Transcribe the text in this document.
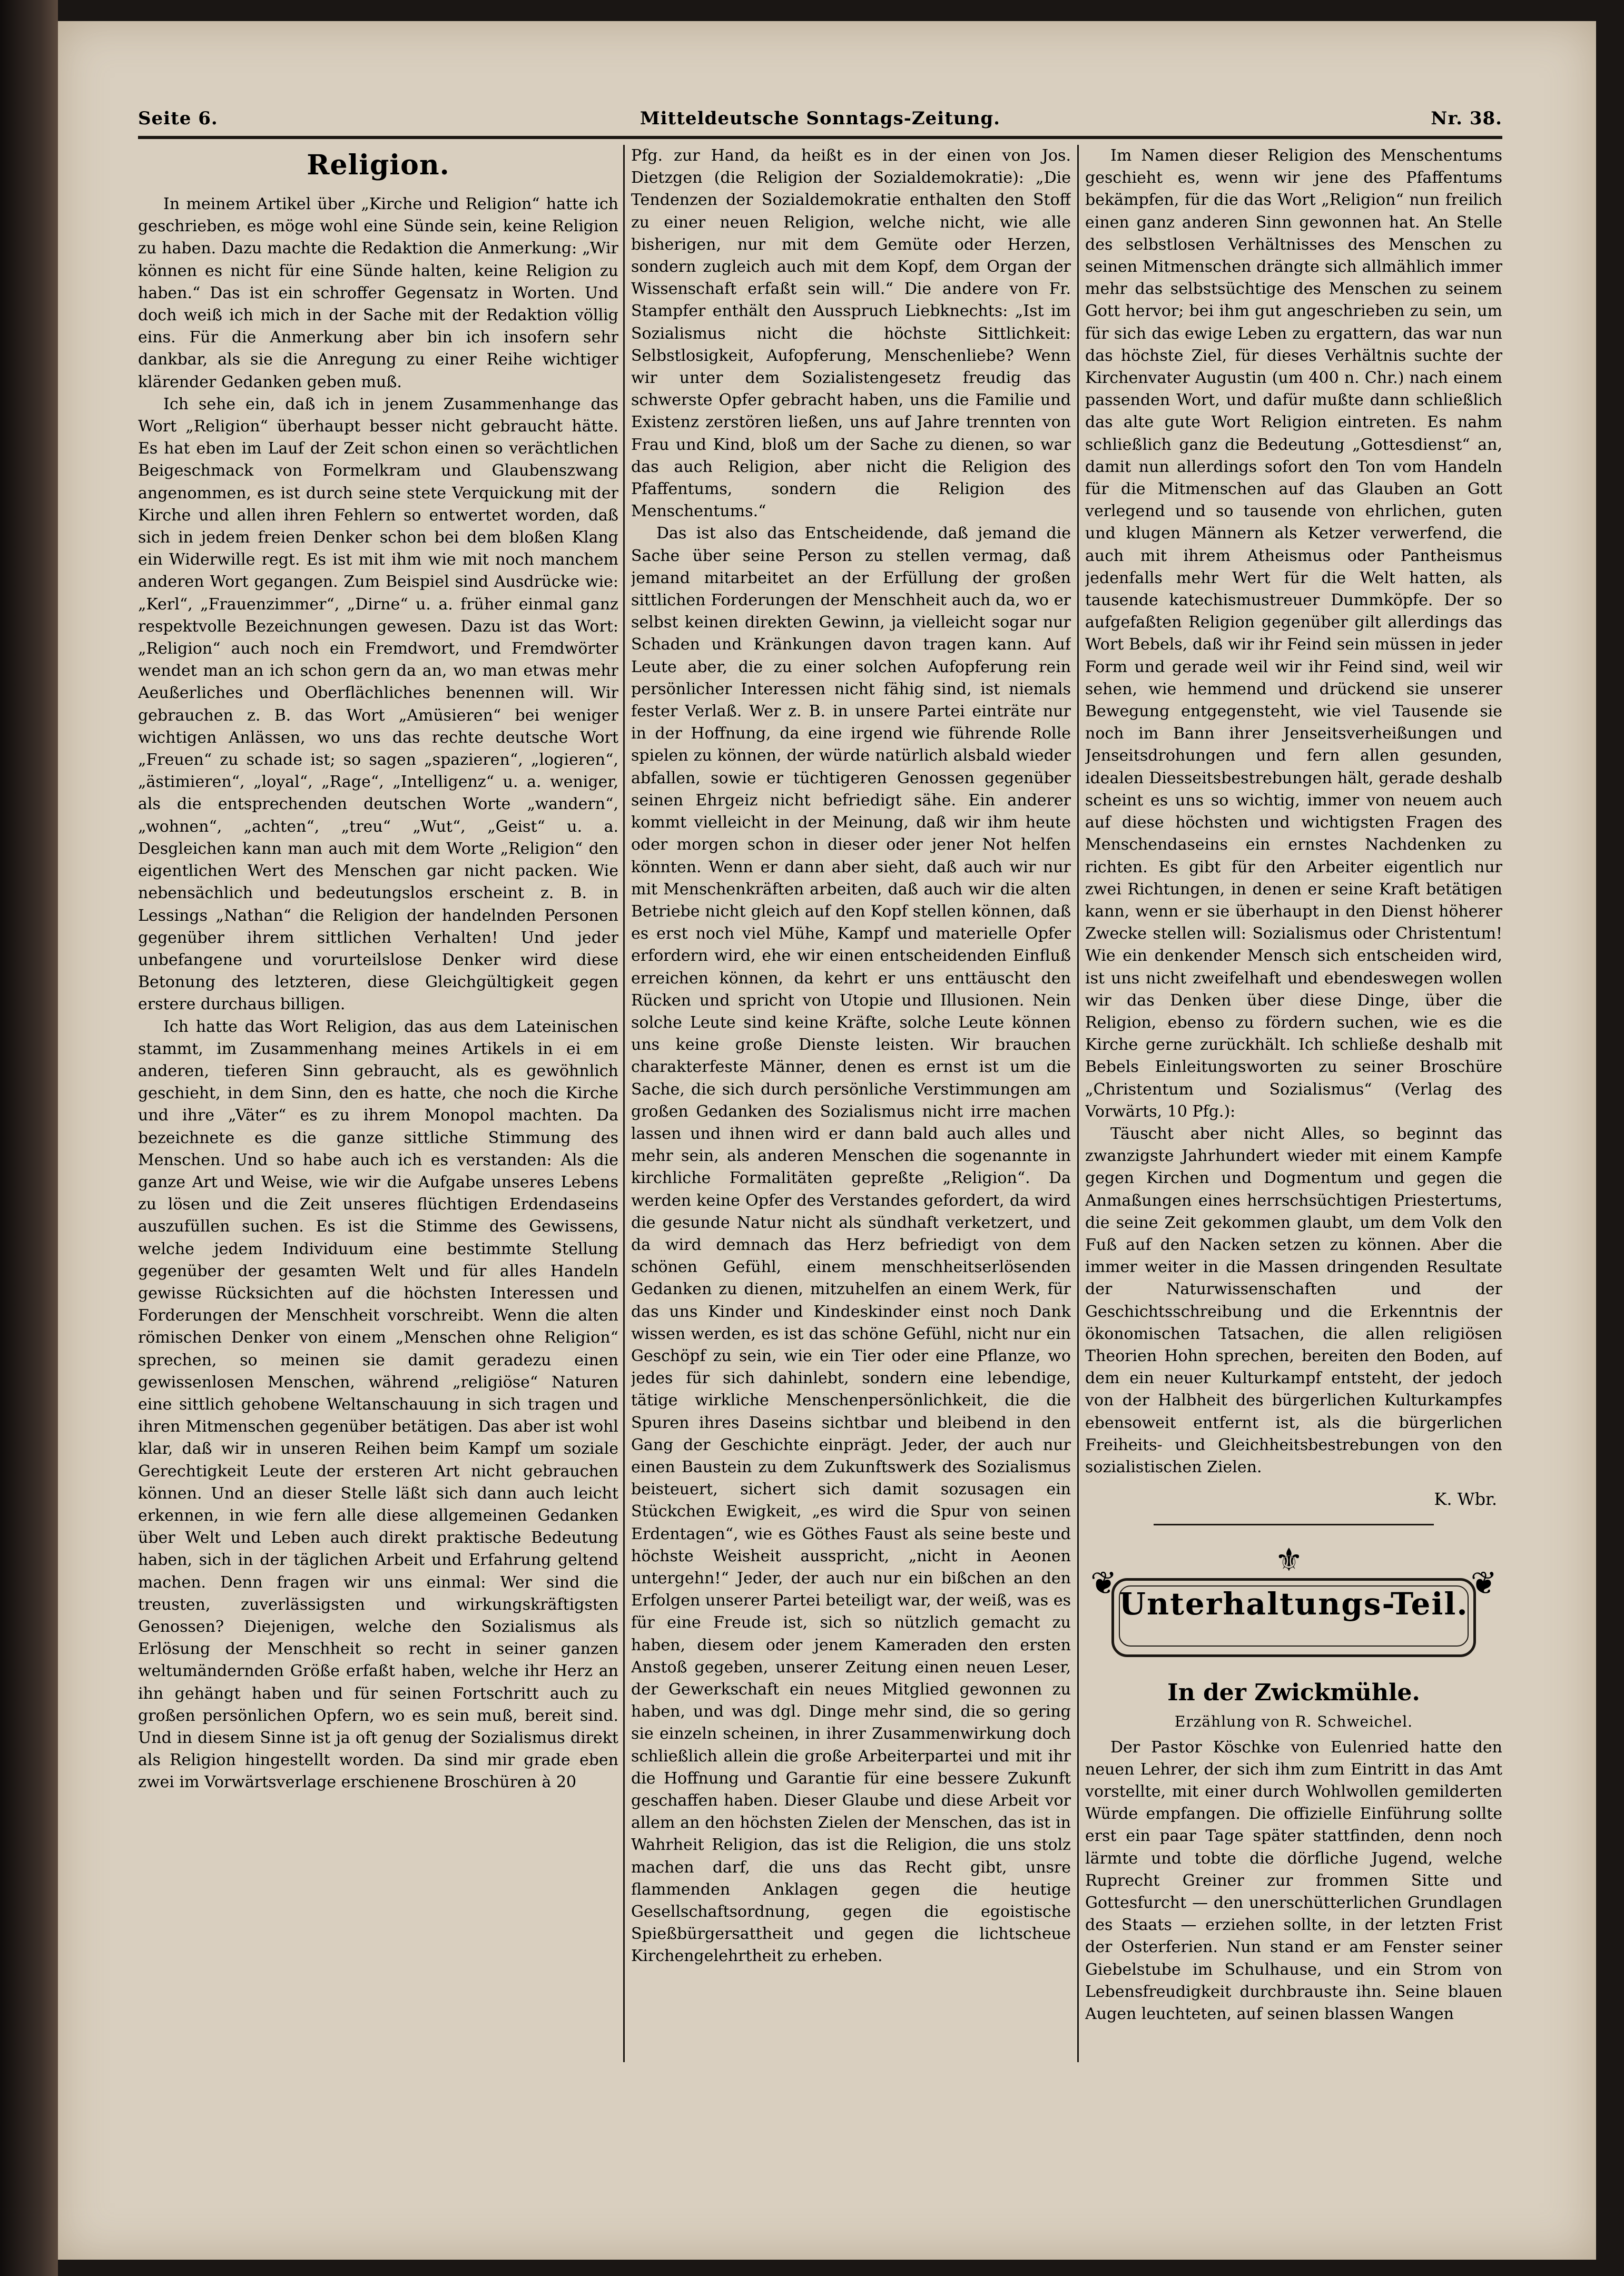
Mitteldeutsche Sonntags-Zeitung.
Seite 6.	Nr. 38.
Religion.

In meinem Artikel über „Kirche und Religion“ hatte ich geschrieben, es möge wohl eine Sünde sein, keine Religion zu haben. Dazu machte die Redaktion die Anmerkung: „Wir können es nicht für eine Sünde halten, keine Religion zu haben.“ Das ist ein schroffer Gegensatz in Worten. Und doch weiß ich mich in der Sache mit der Redaktion völlig eins. Für die Anmerkung aber bin ich insofern sehr dankbar, als sie die Anregung zu einer Reihe wichtiger klärender Gedanken geben muß.

Ich sehe ein, daß ich in jenem Zusammenhange das Wort „Religion“ überhaupt besser nicht gebraucht hätte. Es hat eben im Lauf der Zeit schon einen so verächtlichen Beigeschmack von Formelkram und Glaubenszwang angenommen, es ist durch seine stete Verquickung mit der Kirche und allen ihren Fehlern so entwertet worden, daß sich in jedem freien Denker schon bei dem bloßen Klang ein Widerwille regt. Es ist mit ihm wie mit noch manchem anderen Wort gegangen. Zum Beispiel sind Ausdrücke wie: „Kerl“, „Frauenzimmer“, „Dirne“ u. a. früher einmal ganz respektvolle Bezeichnungen gewesen. Dazu ist das Wort: „Religion“ auch noch ein Fremdwort, und Fremdwörter wendet man an ich schon gern da an, wo man etwas mehr Aeußerliches und Oberflächliches benennen will. Wir gebrauchen z. B. das Wort „Amüsieren“ bei weniger wichtigen Anlässen, wo uns das rechte deutsche Wort „Freuen“ zu schade ist; so sagen „spazieren“, „logieren“, „ästimieren“, „loyal“, „Rage“, „Intelligenz“ u. a. weniger, als die entsprechenden deutschen Worte „wandern“, „wohnen“, „achten“, „treu“ „Wut“, „Geist“ u. a. Desgleichen kann man auch mit dem Worte „Religion“ den eigentlichen Wert des Menschen gar nicht packen. Wie nebensächlich und bedeutungslos erscheint z. B. in Lessings „Nathan“ die Religion der handelnden Personen gegenüber ihrem sittlichen Verhalten! Und jeder unbefangene und vorurteilslose Denker wird diese Betonung des letzteren, diese Gleichgültigkeit gegen erstere durchaus billigen.

Ich hatte das Wort Religion, das aus dem Lateinischen stammt, im Zusammenhang meines Artikels in ei em anderen, tieferen Sinn gebraucht, als es gewöhnlich geschieht, in dem Sinn, den es hatte, che noch die Kirche und ihre „Väter“ es zu ihrem Monopol machten. Da bezeichnete es die ganze sittliche Stimmung des Menschen. Und so habe auch ich es verstanden: Als die ganze Art und Weise, wie wir die Aufgabe unseres Lebens zu lösen und die Zeit unseres flüchtigen Erdendaseins auszufüllen suchen. Es ist die Stimme des Gewissens, welche jedem Individuum eine bestimmte Stellung gegenüber der gesamten Welt und für alles Handeln gewisse Rücksichten auf die höchsten Interessen und Forderungen der Menschheit vorschreibt. Wenn die alten römischen Denker von einem „Menschen ohne Religion“ sprechen, so meinen sie damit geradezu einen gewissenlosen Menschen, während „religiöse“ Naturen eine sittlich gehobene Weltanschauung in sich tragen und ihren Mitmenschen gegenüber betätigen. Das aber ist wohl klar, daß wir in unseren Reihen beim Kampf um soziale Gerechtigkeit Leute der ersteren Art nicht gebrauchen können. Und an dieser Stelle läßt sich dann auch leicht erkennen, in wie fern alle diese allgemeinen Gedanken über Welt und Leben auch direkt praktische Bedeutung haben, sich in der täglichen Arbeit und Erfahrung geltend machen. Denn fragen wir uns einmal: Wer sind die treusten, zuverlässigsten und wirkungskräftigsten Genossen? Diejenigen, welche den Sozialismus als Erlösung der Menschheit so recht in seiner ganzen weltumändernden Größe erfaßt haben, welche ihr Herz an ihn gehängt haben und für seinen Fortschritt auch zu großen persönlichen Opfern, wo es sein muß, bereit sind. Und in diesem Sinne ist ja oft genug der Sozialismus direkt als Religion hingestellt worden. Da sind mir grade eben zwei im Vorwärtsverlage erschienene Broschüren à 20

Pfg. zur Hand, da heißt es in der einen von Jos. Dietzgen (die Religion der Sozialdemokratie): „Die Tendenzen der Sozialdemokratie enthalten den Stoff zu einer neuen Religion, welche nicht, wie alle bisherigen, nur mit dem Gemüte oder Herzen, sondern zugleich auch mit dem Kopf, dem Organ der Wissenschaft erfaßt sein will.“ Die andere von Fr. Stampfer enthält den Ausspruch Liebknechts: „Ist im Sozialismus nicht die höchste Sittlichkeit: Selbstlosigkeit, Aufopferung, Menschenliebe? Wenn wir unter dem Sozialistengesetz freudig das schwerste Opfer gebracht haben, uns die Familie und Existenz zerstören ließen, uns auf Jahre trennten von Frau und Kind, bloß um der Sache zu dienen, so war das auch Religion, aber nicht die Religion des Pfaffentums, sondern die Religion des Menschentums.“

Das ist also das Entscheidende, daß jemand die Sache über seine Person zu stellen vermag, daß jemand mitarbeitet an der Erfüllung der großen sittlichen Forderungen der Menschheit auch da, wo er selbst keinen direkten Gewinn, ja vielleicht sogar nur Schaden und Kränkungen davon tragen kann. Auf Leute aber, die zu einer solchen Aufopferung rein persönlicher Interessen nicht fähig sind, ist niemals fester Verlaß. Wer z. B. in unsere Partei einträte nur in der Hoffnung, da eine irgend wie führende Rolle spielen zu können, der würde natürlich alsbald wieder abfallen, sowie er tüchtigeren Genossen gegenüber seinen Ehrgeiz nicht befriedigt sähe. Ein anderer kommt vielleicht in der Meinung, daß wir ihm heute oder morgen schon in dieser oder jener Not helfen könnten. Wenn er dann aber sieht, daß auch wir nur mit Menschenkräften arbeiten, daß auch wir die alten Betriebe nicht gleich auf den Kopf stellen können, daß es erst noch viel Mühe, Kampf und materielle Opfer erfordern wird, ehe wir einen entscheidenden Einfluß erreichen können, da kehrt er uns enttäuscht den Rücken und spricht von Utopie und Illusionen. Nein solche Leute sind keine Kräfte, solche Leute können uns keine große Dienste leisten. Wir brauchen charakterfeste Männer, denen es ernst ist um die Sache, die sich durch persönliche Verstimmungen am großen Gedanken des Sozialismus nicht irre machen lassen und ihnen wird er dann bald auch alles und mehr sein, als anderen Menschen die sogenannte in kirchliche Formalitäten gepreßte „Religion“. Da werden keine Opfer des Verstandes gefordert, da wird die gesunde Natur nicht als sündhaft verketzert, und da wird demnach das Herz befriedigt von dem schönen Gefühl, einem menschheitserlösenden Gedanken zu dienen, mitzuhelfen an einem Werk, für das uns Kinder und Kindeskinder einst noch Dank wissen werden, es ist das schöne Gefühl, nicht nur ein Geschöpf zu sein, wie ein Tier oder eine Pflanze, wo jedes für sich dahinlebt, sondern eine lebendige, tätige wirkliche Menschenpersönlichkeit, die die Spuren ihres Daseins sichtbar und bleibend in den Gang der Geschichte einprägt. Jeder, der auch nur einen Baustein zu dem Zukunftswerk des Sozialismus beisteuert, sichert sich damit sozusagen ein Stückchen Ewigkeit, „es wird die Spur von seinen Erdentagen“, wie es Göthes Faust als seine beste und höchste Weisheit ausspricht, „nicht in Aeonen untergehn!“ Jeder, der auch nur ein bißchen an den Erfolgen unserer Partei beteiligt war, der weiß, was es für eine Freude ist, sich so nützlich gemacht zu haben, diesem oder jenem Kameraden den ersten Anstoß gegeben, unserer Zeitung einen neuen Leser, der Gewerkschaft ein neues Mitglied gewonnen zu haben, und was dgl. Dinge mehr sind, die so gering sie einzeln scheinen, in ihrer Zusammenwirkung doch schließlich allein die große Arbeiterpartei und mit ihr die Hoffnung und Garantie für eine bessere Zukunft geschaffen haben. Dieser Glaube und diese Arbeit vor allem an den höchsten Zielen der Menschen, das ist in Wahrheit Religion, das ist die Religion, die uns stolz machen darf, die uns das Recht gibt, unsre flammenden Anklagen gegen die heutige Gesellschaftsordnung, gegen die egoistische Spießbürgersattheit und gegen die lichtscheue Kirchengelehrtheit zu erheben.

Im Namen dieser Religion des Menschentums geschieht es, wenn wir jene des Pfaffentums bekämpfen, für die das Wort „Religion“ nun freilich einen ganz anderen Sinn gewonnen hat. An Stelle des selbstlosen Verhältnisses des Menschen zu seinen Mitmenschen drängte sich allmählich immer mehr das selbstsüchtige des Menschen zu seinem Gott hervor; bei ihm gut angeschrieben zu sein, um für sich das ewige Leben zu ergattern, das war nun das höchste Ziel, für dieses Verhältnis suchte der Kirchenvater Augustin (um 400 n. Chr.) nach einem passenden Wort, und dafür mußte dann schließlich das alte gute Wort Religion eintreten. Es nahm schließlich ganz die Bedeutung „Gottesdienst“ an, damit nun allerdings sofort den Ton vom Handeln für die Mitmenschen auf das Glauben an Gott verlegend und so tausende von ehrlichen, guten und klugen Männern als Ketzer verwerfend, die auch mit ihrem Atheismus oder Pantheismus jedenfalls mehr Wert für die Welt hatten, als tausende katechismustreuer Dummköpfe. Der so aufgefaßten Religion gegenüber gilt allerdings das Wort Bebels, daß wir ihr Feind sein müssen in jeder Form und gerade weil wir ihr Feind sind, weil wir sehen, wie hemmend und drückend sie unserer Bewegung entgegensteht, wie viel Tausende sie noch im Bann ihrer Jenseitsverheißungen und Jenseitsdrohungen und fern allen gesunden, idealen Diesseitsbestrebungen hält, gerade deshalb scheint es uns so wichtig, immer von neuem auch auf diese höchsten und wichtigsten Fragen des Menschendaseins ein ernstes Nachdenken zu richten. Es gibt für den Arbeiter eigentlich nur zwei Richtungen, in denen er seine Kraft betätigen kann, wenn er sie überhaupt in den Dienst höherer Zwecke stellen will: Sozialismus oder Christentum! Wie ein denkender Mensch sich entscheiden wird, ist uns nicht zweifelhaft und ebendeswegen wollen wir das Denken über diese Dinge, über die Religion, ebenso zu fördern suchen, wie es die Kirche gerne zurückhält. Ich schließe deshalb mit Bebels Einleitungsworten zu seiner Broschüre „Christentum und Sozialismus“ (Verlag des Vorwärts, 10 Pfg.):

Täuscht aber nicht Alles, so beginnt das zwanzigste Jahrhundert wieder mit einem Kampfe gegen Kirchen und Dogmentum und gegen die Anmaßungen eines herrschsüchtigen Priestertums, die seine Zeit gekommen glaubt, um dem Volk den Fuß auf den Nacken setzen zu können. Aber die immer weiter in die Massen dringenden Resultate der Naturwissenschaften und der Geschichtsschreibung und die Erkenntnis der ökonomischen Tatsachen, die allen religiösen Theorien Hohn sprechen, bereiten den Boden, auf dem ein neuer Kulturkampf entsteht, der jedoch von der Halbheit des bürgerlichen Kulturkampfes ebensoweit entfernt ist, als die bürgerlichen Freiheits- und Gleichheitsbestrebungen von den sozialistischen Zielen.

K. Wbr.
⚜
❦	❦
Unterhaltungs-Teil.
In der Zwickmühle.
Erzählung von R. Schweichel.

Der Pastor Köschke von Eulenried hatte den neuen Lehrer, der sich ihm zum Eintritt in das Amt vorstellte, mit einer durch Wohlwollen gemilderten Würde empfangen. Die offizielle Einführung sollte erst ein paar Tage später stattfinden, denn noch lärmte und tobte die dörfliche Jugend, welche Ruprecht Greiner zur frommen Sitte und Gottesfurcht — den unerschütterlichen Grundlagen des Staats — erziehen sollte, in der letzten Frist der Osterferien. Nun stand er am Fenster seiner Giebelstube im Schulhause, und ein Strom von Lebensfreudigkeit durchbrauste ihn. Seine blauen Augen leuchteten, auf seinen blassen Wangen
